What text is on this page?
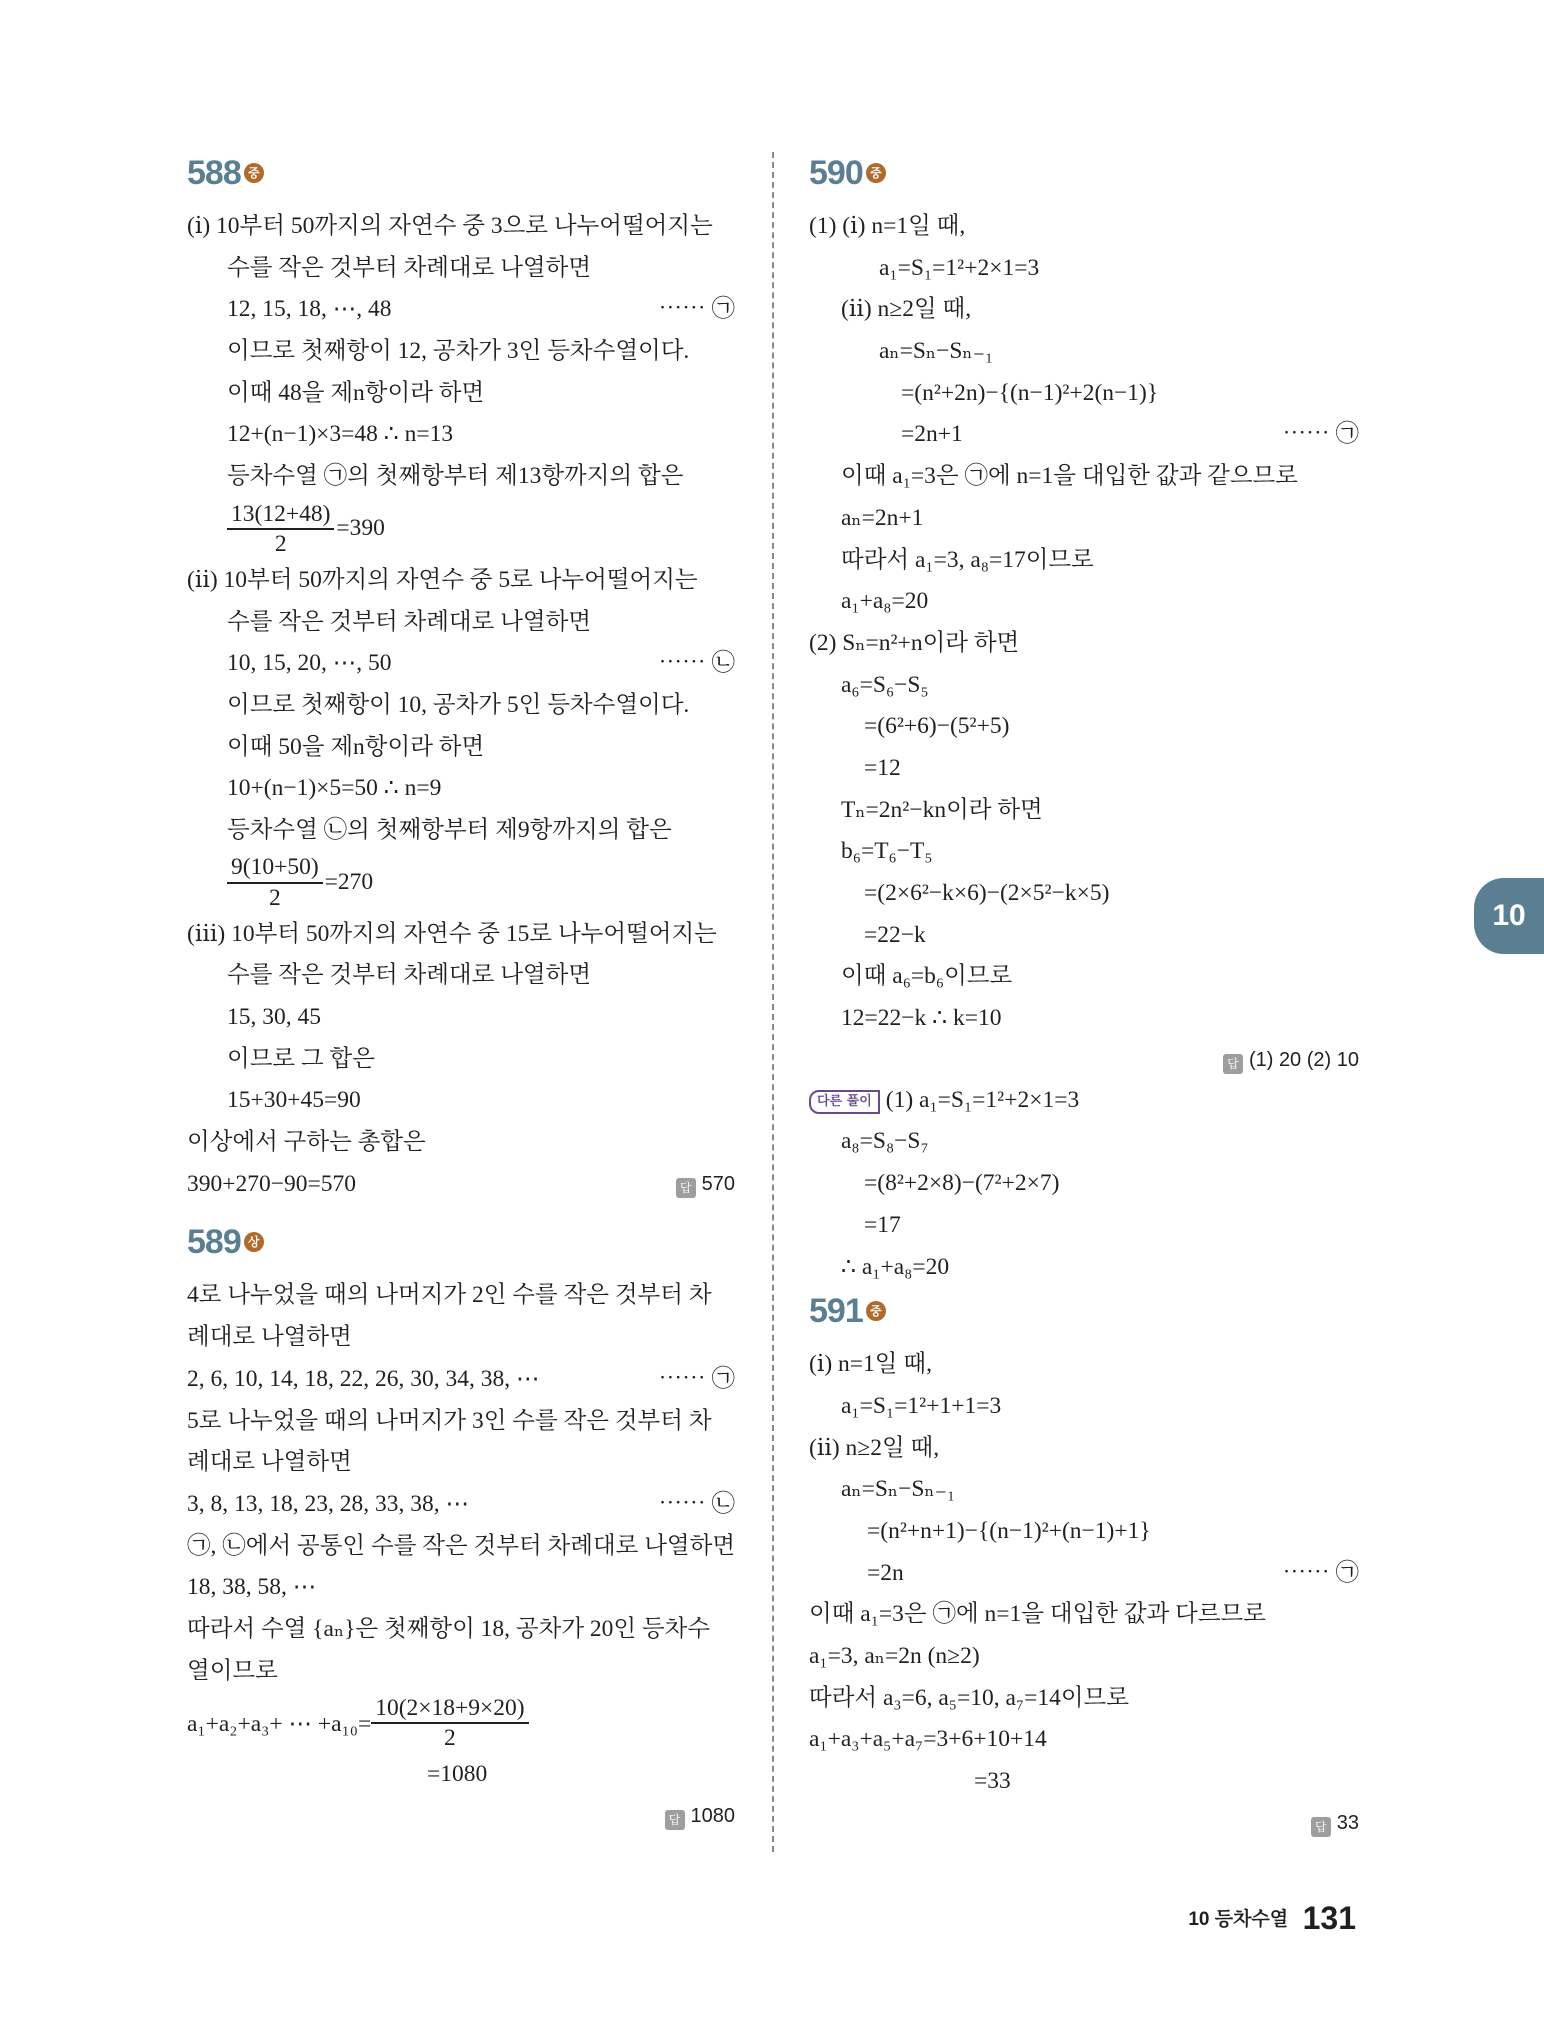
588 중
(ⅰ) 10부터 50까지의 자연수 중 3으로 나누어떨어지는
수를 작은 것부터 차례대로 나열하면
12, 15, 18, ⋯, 48	⋯⋯ ㉠
이므로 첫째항이 12, 공차가 3인 등차수열이다.
이때 48을 제n항이라 하면
12+(n−1)×3=48 ∴ n=13
등차수열 ㉠의 첫째항부터 제13항까지의 합은
$\frac{13(12+48)}{2} =390$
(ⅱ) 10부터 50까지의 자연수 중 5로 나누어떨어지는
수를 작은 것부터 차례대로 나열하면
10, 15, 20, ⋯, 50	⋯⋯ ㉡
이므로 첫째항이 10, 공차가 5인 등차수열이다.
이때 50을 제n항이라 하면
10+(n−1)×5=50 ∴ n=9
등차수열 ㉡의 첫째항부터 제9항까지의 합은
$\frac{9(10+50)}{2} =270$
(ⅲ) 10부터 50까지의 자연수 중 15로 나누어떨어지는
수를 작은 것부터 차례대로 나열하면
15, 30, 45
이므로 그 합은
15+30+45=90
이상에서 구하는 총합은
390+270−90=570	답 570
589 상
4로 나누었을 때의 나머지가 2인 수를 작은 것부터 차
례대로 나열하면
2, 6, 10, 14, 18, 22, 26, 30, 34, 38, ⋯	⋯⋯ ㉠
5로 나누었을 때의 나머지가 3인 수를 작은 것부터 차
례대로 나열하면
3, 8, 13, 18, 23, 28, 33, 38, ⋯	⋯⋯ ㉡
㉠, ㉡에서 공통인 수를 작은 것부터 차례대로 나열하면
18, 38, 58, ⋯
따라서 수열 {aₙ}은 첫째항이 18, 공차가 20인 등차수
열이므로
a₁+a₂+a₃+ ⋯ $+a_{10}= \frac{10(2\times 18+9\times 20)}{2}$
=1080
답 1080
590 중
(1) (ⅰ) n=1일 때,
a₁=S₁=1²+2×1=3
(ⅱ) n≥2일 때,
aₙ=Sₙ−Sₙ₋₁
=(n²+2n)−{(n−1)²+2(n−1)}
=2n+1	⋯⋯ ㉠
이때 a₁=3은 ㉠에 n=1을 대입한 값과 같으므로
aₙ=2n+1
따라서 a₁=3, a₈=17이므로
a₁+a₈=20
(2) Sₙ=n²+n이라 하면
a₆=S₆−S₅
=(6²+6)−(5²+5)
=12
Tₙ=2n²−kn이라 하면
b₆=T₆−T₅
=(2×6²−k×6)−(2×5²−k×5)
=22−k
이때 a₆=b₆이므로
12=22−k ∴ k=10
답 (1) 20 (2) 10
다른 풀이 (1) a₁=S₁=1²+2×1=3
a₈=S₈−S₇
=(8²+2×8)−(7²+2×7)
=17
∴ a₁+a₈=20
591 중
(ⅰ) n=1일 때,
a₁=S₁=1²+1+1=3
(ⅱ) n≥2일 때,
aₙ=Sₙ−Sₙ₋₁
=(n²+n+1)−{(n−1)²+(n−1)+1}
=2n	⋯⋯ ㉠
이때 a₁=3은 ㉠에 n=1을 대입한 값과 다르므로
a₁=3, aₙ=2n (n≥2)
따라서 a₃=6, a₅=10, a₇=14이므로
a₁+a₃+a₅+a₇=3+6+10+14
=33
답 33
10
10 등차수열 131
